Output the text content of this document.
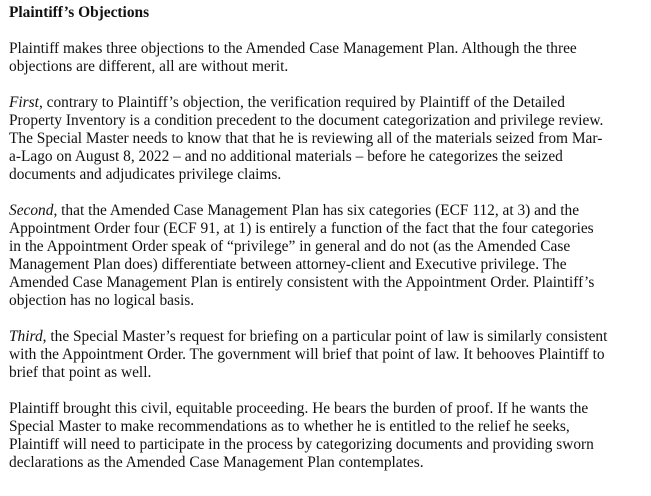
Plaintiff’s Objections
Plaintiff makes three objections to the Amended Case Management Plan. Although the three
objections are different, all are without merit.
First, contrary to Plaintiff’s objection, the verification required by Plaintiff of the Detailed
Property Inventory is a condition precedent to the document categorization and privilege review.
The Special Master needs to know that that he is reviewing all of the materials seized from Mar-
a-Lago on August 8, 2022 – and no additional materials – before he categorizes the seized
documents and adjudicates privilege claims.
Second, that the Amended Case Management Plan has six categories (ECF 112, at 3) and the
Appointment Order four (ECF 91, at 1) is entirely a function of the fact that the four categories
in the Appointment Order speak of “privilege” in general and do not (as the Amended Case
Management Plan does) differentiate between attorney-client and Executive privilege. The
Amended Case Management Plan is entirely consistent with the Appointment Order. Plaintiff’s
objection has no logical basis.
Third, the Special Master’s request for briefing on a particular point of law is similarly consistent
with the Appointment Order. The government will brief that point of law. It behooves Plaintiff to
brief that point as well.
Plaintiff brought this civil, equitable proceeding. He bears the burden of proof. If he wants the
Special Master to make recommendations as to whether he is entitled to the relief he seeks,
Plaintiff will need to participate in the process by categorizing documents and providing sworn
declarations as the Amended Case Management Plan contemplates.
